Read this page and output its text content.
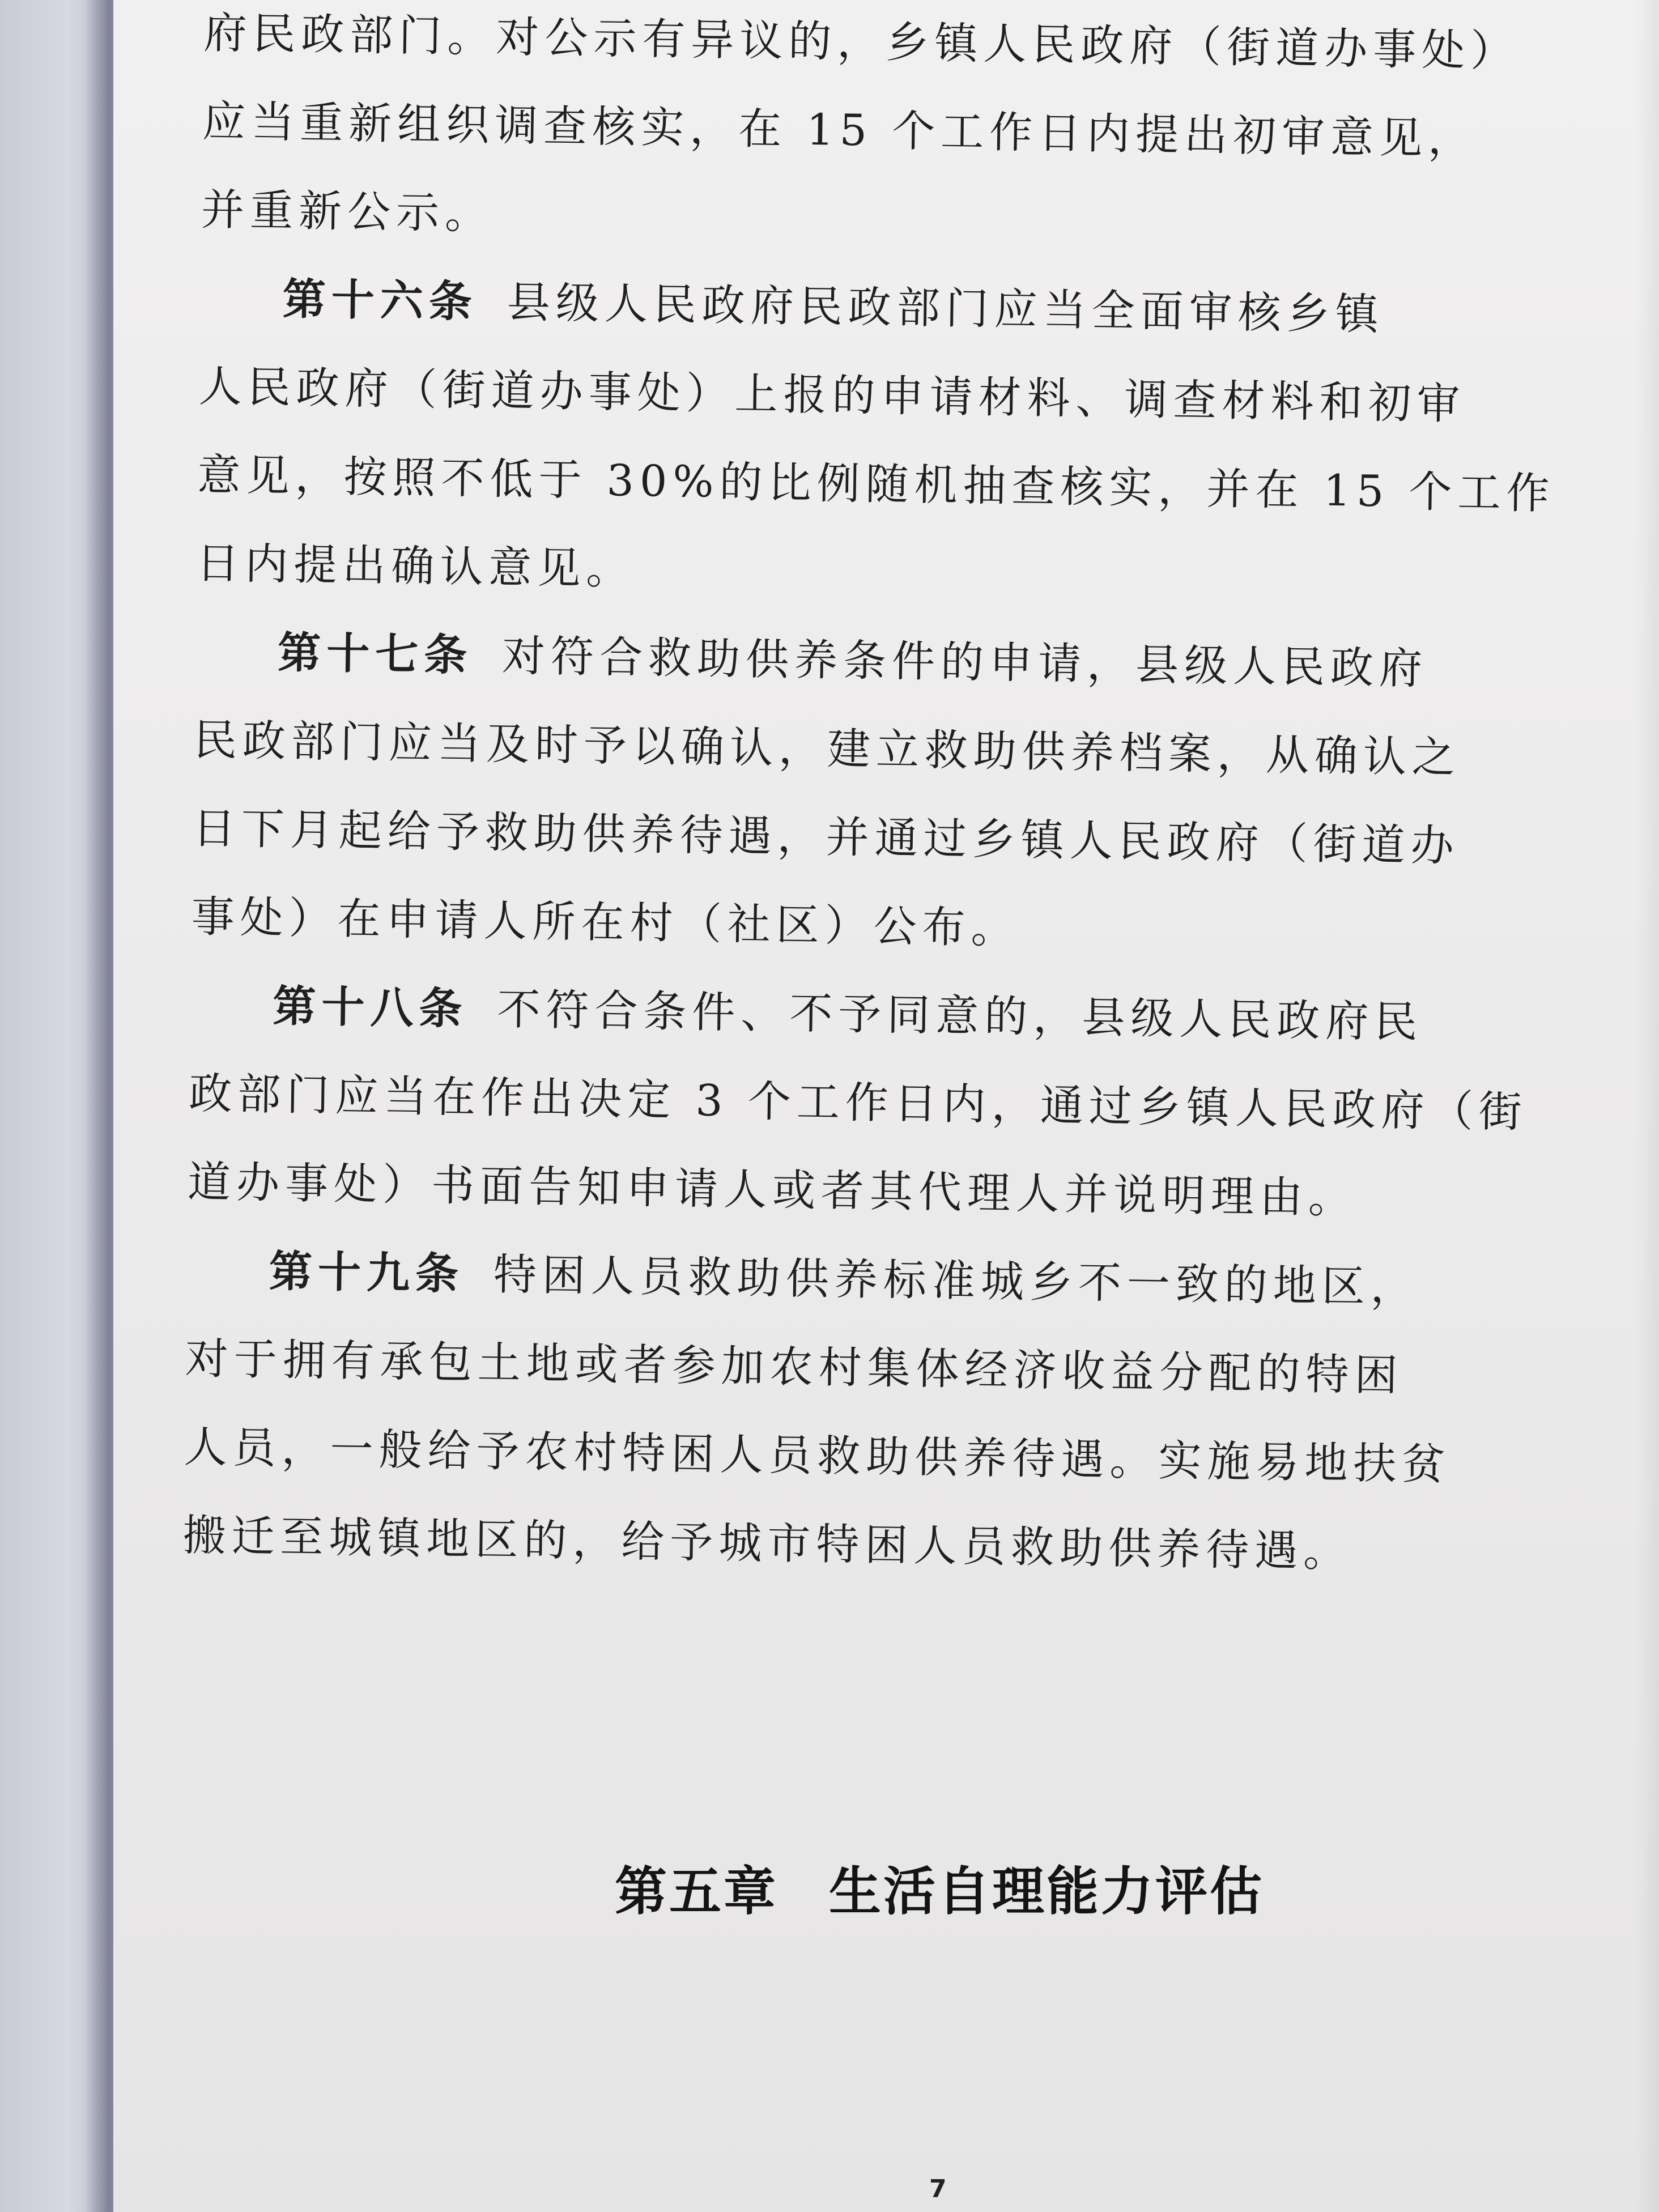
府民政部门。对公示有异议的，乡镇人民政府（街道办事处）
应当重新组织调查核实，在 15 个工作日内提出初审意见，
并重新公示。
第十六条 县级人民政府民政部门应当全面审核乡镇
人民政府（街道办事处）上报的申请材料、调查材料和初审
意见，按照不低于 30%的比例随机抽查核实，并在 15 个工作
日内提出确认意见。
第十七条 对符合救助供养条件的申请，县级人民政府
民政部门应当及时予以确认，建立救助供养档案，从确认之
日下月起给予救助供养待遇，并通过乡镇人民政府（街道办
事处）在申请人所在村（社区）公布。
第十八条 不符合条件、不予同意的，县级人民政府民
政部门应当在作出决定 3 个工作日内，通过乡镇人民政府（街
道办事处）书面告知申请人或者其代理人并说明理由。
第十九条 特困人员救助供养标准城乡不一致的地区，
对于拥有承包土地或者参加农村集体经济收益分配的特困
人员，一般给予农村特困人员救助供养待遇。实施易地扶贫
搬迁至城镇地区的，给予城市特困人员救助供养待遇。
第五章 生活自理能力评估
7
